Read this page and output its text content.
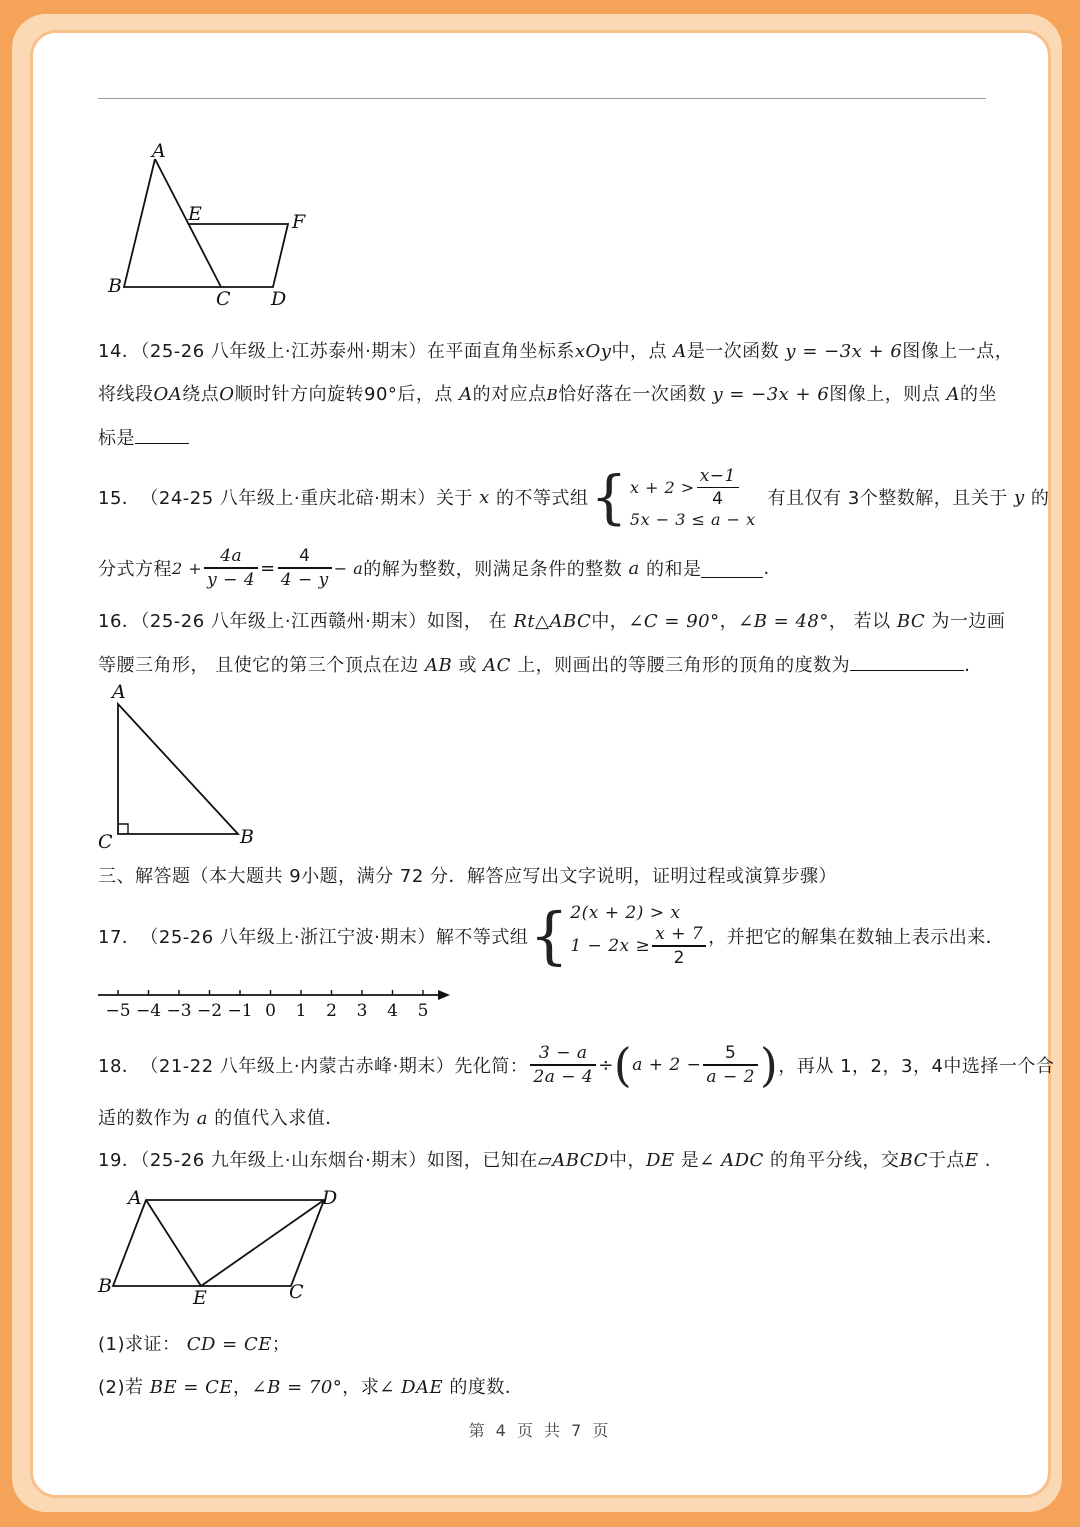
A
B
C D
E	F
14．（25-26 八年级上·江苏泰州·期末）在平面直角坐标系xOy中，点 A是一次函数 y = −3x + 6图像上一点，
将线段OA绕点O顺时针方向旋转90°后，点 A的对应点B恰好落在一次函数 y = −3x + 6图像上，则点 A的坐
标是
15． （24-25 八年级上·重庆北碚·期末） 关于
x
的不等式组 { $x + 2 > \frac{x-1}{4}$
5x − 3 ≤ a − x
有且仅有 3个整数解，且关于
y
的
分式方程 $2 + \frac{4a}{y - 4} = \frac{4}{4 - y} - a$ 的解为整数，则满足条件的整数
a
的和是	.
16．（25-26 八年级上·江西赣州·期末）如图， 在 Rt△ABC中，∠C = 90°，∠B = 48°， 若以 BC 为一边画
等腰三角形， 且使它的第三个顶点在边 AB 或 AC 上，则画出的等腰三角形的顶角的度数为	.
A
B
C
三、解答题（本大题共 9小题，满分 72 分．解答应写出文字说明，证明过程或演算步骤）
17． （25-26 八年级上·浙江宁波·期末） 解不等式组 { 2(x + 2) > x
$1 - 2x \ge \frac{x + 7}{2}$ ，并把它的解集在数轴上表示出来．
−5 −4 −3 −2 −1 0 1 2 3 4 5
18． （21-22 八年级上·内蒙古赤峰·期末） 先化简： $\frac{3 - a}{2a - 4}$ ÷ ( $a + 2 - \frac{5}{a - 2}$ ) ，再从 1，2，3，4中选择一个合
适的数作为 a 的值代入求值．
19．（25-26 九年级上·山东烟台·期末）如图，已知在▱ABCD中，DE 是∠ ADC 的角平分线，交BC于点E .
A	D
B
E	C
(1)求证： CD = CE；
(2)若 BE = CE，∠B = 70°，求∠ DAE 的度数．
第 4 页 共 7 页
